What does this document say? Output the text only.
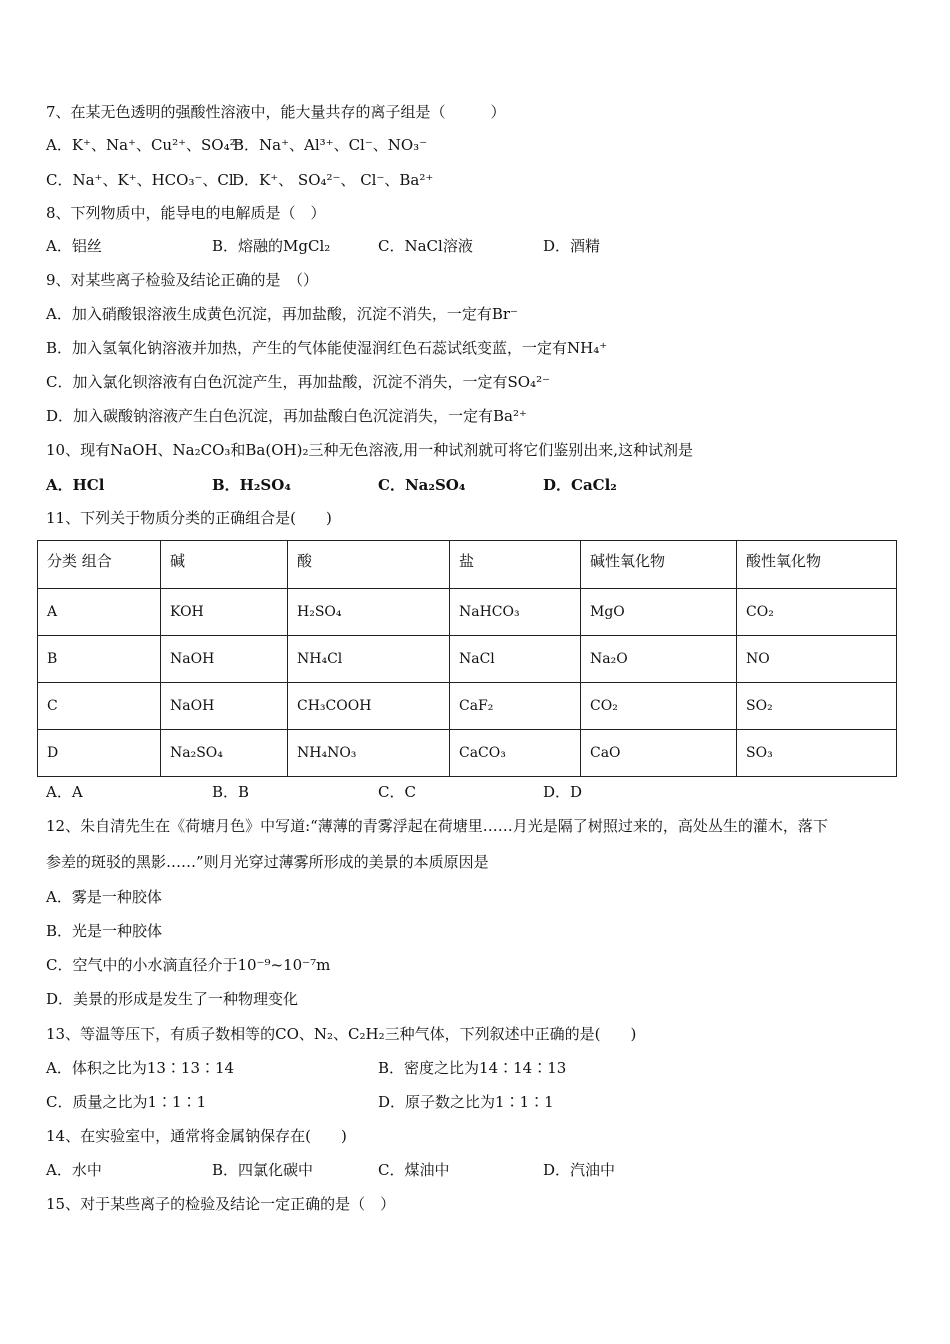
7、在某无色透明的强酸性溶液中，能大量共存的离子组是（　　　）
A．K⁺、Na⁺、Cu²⁺、SO₄²⁻
B．Na⁺、Al³⁺、Cl⁻、NO₃⁻
C．Na⁺、K⁺、HCO₃⁻、Cl⁻
D．K⁺、 SO₄²⁻、 Cl⁻、Ba²⁺
8、下列物质中，能导电的电解质是（　）
A．铝丝	B．熔融的MgCl₂	C．NaCl溶液	D．酒精
9、对某些离子检验及结论正确的是　（）
A．加入硝酸银溶液生成黄色沉淀，再加盐酸，沉淀不消失，一定有Br⁻
B．加入氢氧化钠溶液并加热，产生的气体能使湿润红色石蕊试纸变蓝，一定有NH₄⁺
C．加入氯化钡溶液有白色沉淀产生，再加盐酸，沉淀不消失，一定有SO₄²⁻
D．加入碳酸钠溶液产生白色沉淀，再加盐酸白色沉淀消失，一定有Ba²⁺
10、现有NaOH、Na₂CO₃和Ba(OH)₂三种无色溶液,用一种试剂就可将它们鉴别出来,这种试剂是
A．HCl	B．H₂SO₄	C．Na₂SO₄	D．CaCl₂
11、下列关于物质分类的正确组合是(　　)
分类 组合	碱	酸	盐	碱性氧化物	酸性氧化物
A	KOH	H₂SO₄	NaHCO₃	MgO	CO₂
B	NaOH	NH₄Cl	NaCl	Na₂O	NO
C	NaOH	CH₃COOH	CaF₂	CO₂	SO₂
D	Na₂SO₄	NH₄NO₃	CaCO₃	CaO	SO₃
A．A	B．B	C．C	D．D
12、朱自清先生在《荷塘月色》中写道:“薄薄的青雾浮起在荷塘里……月光是隔了树照过来的，高处丛生的灌木，落下
参差的斑驳的黑影……”则月光穿过薄雾所形成的美景的本质原因是
A．雾是一种胶体
B．光是一种胶体
C．空气中的小水滴直径介于10⁻⁹~10⁻⁷m
D．美景的形成是发生了一种物理变化
13、等温等压下，有质子数相等的CO、N₂、C₂H₂三种气体，下列叙述中正确的是(　　)
A．体积之比为13∶13∶14	B．密度之比为14∶14∶13
C．质量之比为1∶1∶1	D．原子数之比为1∶1∶1
14、在实验室中，通常将金属钠保存在(　　)
A．水中	B．四氯化碳中	C．煤油中	D．汽油中
15、对于某些离子的检验及结论一定正确的是（　）
